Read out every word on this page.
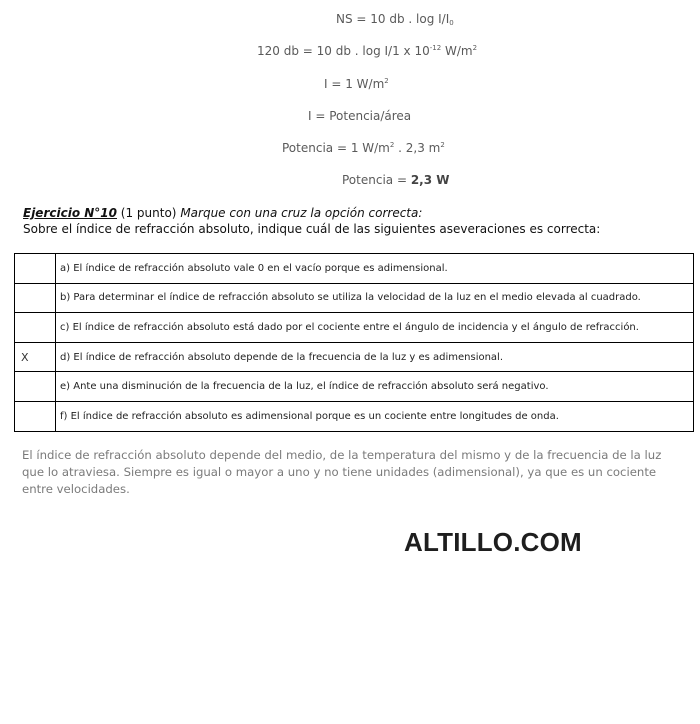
NS = 10 db . $\log I/I_0$
120 db = 10 db . log I/1 x $10^{-12}$ $W/m^2$
I = 1 $W/m^2$
I = Potencia/área
Potencia = 1 $W/m^2$ . 2,3 $m^2$
Potencia = 2,3 W
Ejercicio N°10 (1 punto) Marque con una cruz la opción correcta:
Sobre el índice de refracción absoluto, indique cuál de las siguientes aseveraciones es correcta:
	a) El índice de refracción absoluto vale 0 en el vacío porque es adimensional.
	b) Para determinar el índice de refracción absoluto se utiliza la velocidad de la luz en el medio elevada al cuadrado.
	c) El índice de refracción absoluto está dado por el cociente entre el ángulo de incidencia y el ángulo de refracción.
X	d) El índice de refracción absoluto depende de la frecuencia de la luz y es adimensional.
	e) Ante una disminución de la frecuencia de la luz, el índice de refracción absoluto será negativo.
	f) El índice de refracción absoluto es adimensional porque es un cociente entre longitudes de onda.
El índice de refracción absoluto depende del medio, de la temperatura del mismo y de la frecuencia de la luz que lo atraviesa. Siempre es igual o mayor a uno y no tiene unidades (adimensional), ya que es un cociente entre velocidades.
ALTILLO.COM
